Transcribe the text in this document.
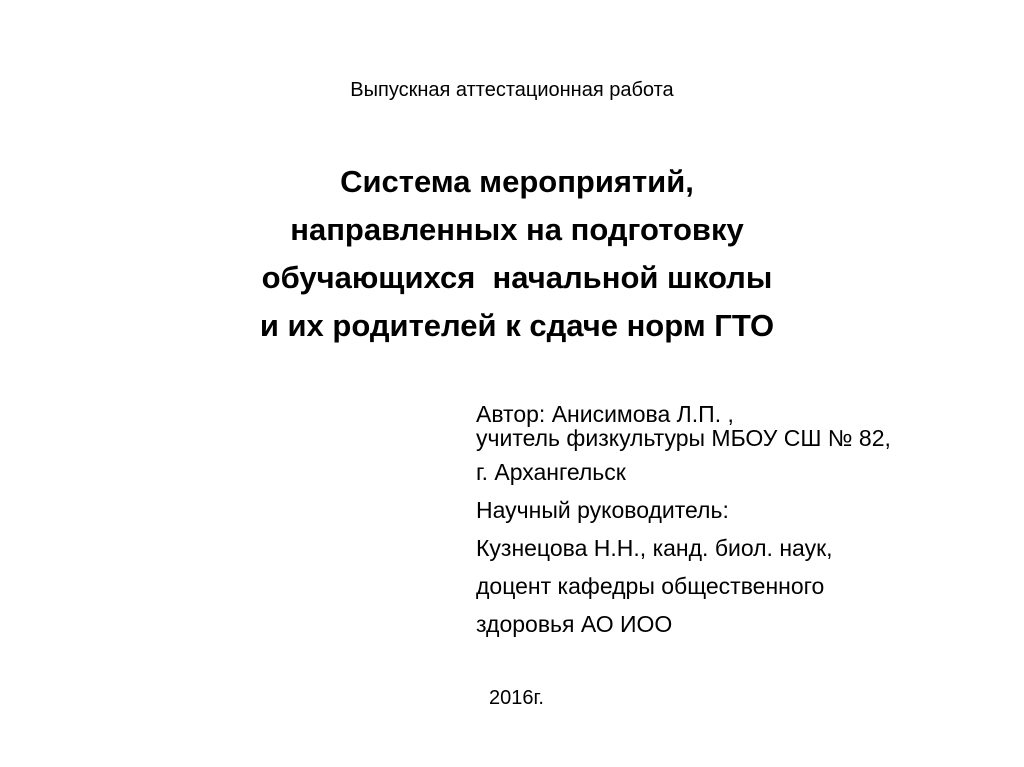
Выпускная аттестационная работа
Система мероприятий,
направленных на подготовку
обучающихся  начальной школы
и их родителей к сдаче норм ГТО
Автор: Анисимова Л.П. ,
учитель физкультуры МБОУ СШ № 82,
г. Архангельск
Научный руководитель:
Кузнецова Н.Н., канд. биол. наук,
доцент кафедры общественного
здоровья АО ИОО
2016г.
